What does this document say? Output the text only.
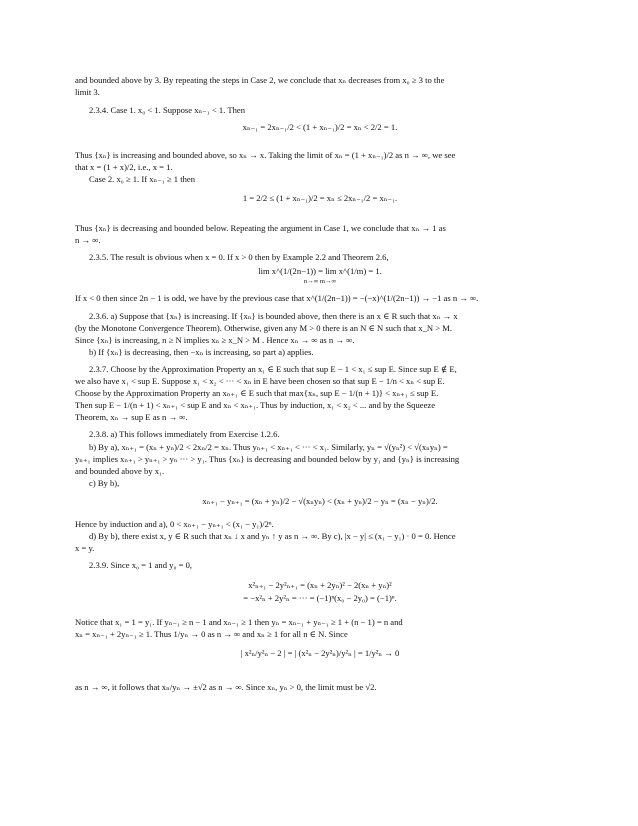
and bounded above by 3. By repeating the steps in Case 2, we conclude that xₙ decreases from x₀ ≥ 3 to the
limit 3.
2.3.4. Case 1. x₀ < 1. Suppose xₙ₋₁ < 1. Then
xₙ₋₁ = 2xₙ₋₁/2 < (1 + xₙ₋₁)/2 = xₙ < 2/2 = 1.
Thus {xₙ} is increasing and bounded above, so xₙ → x. Taking the limit of xₙ = (1 + xₙ₋₁)/2 as n → ∞, we see
that x = (1 + x)/2, i.e., x = 1.
Case 2. x₀ ≥ 1. If xₙ₋₁ ≥ 1 then
1 = 2/2 ≤ (1 + xₙ₋₁)/2 = xₙ ≤ 2xₙ₋₁/2 = xₙ₋₁.
Thus {xₙ} is decreasing and bounded below. Repeating the argument in Case 1, we conclude that xₙ → 1 as
n → ∞.
2.3.5. The result is obvious when x = 0. If x > 0 then by Example 2.2 and Theorem 2.6,
lim x^(1/(2n−1)) = lim x^(1/m) = 1.
n→∞ m→∞
If x < 0 then since 2n − 1 is odd, we have by the previous case that x^(1/(2n−1)) = −(−x)^(1/(2n−1)) → −1 as n → ∞.
2.3.6. a) Suppose that {xₙ} is increasing. If {xₙ} is bounded above, then there is an x ∈ R such that xₙ → x
(by the Monotone Convergence Theorem). Otherwise, given any M > 0 there is an N ∈ N such that x_N > M.
Since {xₙ} is increasing, n ≥ N implies xₙ ≥ x_N > M . Hence xₙ → ∞ as n → ∞.
b) If {xₙ} is decreasing, then −xₙ is increasing, so part a) applies.
2.3.7. Choose by the Approximation Property an x₁ ∈ E such that sup E − 1 < x₁ ≤ sup E. Since sup E ∉ E,
we also have x₁ < sup E. Suppose x₁ < x₂ < ··· < xₙ in E have been chosen so that sup E − 1/n < xₙ < sup E.
Choose by the Approximation Property an xₙ₊₁ ∈ E such that max{xₙ, sup E − 1/(n + 1)} < xₙ₊₁ ≤ sup E.
Then sup E − 1/(n + 1) < xₙ₊₁ < sup E and xₙ < xₙ₊₁. Thus by induction, x₁ < x₂ < ... and by the Squeeze
Theorem, xₙ → sup E as n → ∞.
2.3.8. a) This follows immediately from Exercise 1.2.6.
b) By a), xₙ₊₁ = (xₙ + yₙ)/2 < 2xₙ/2 = xₙ. Thus yₙ₊₁ < xₙ₊₁ < ··· < x₁. Similarly, yₙ = √(yₙ²) < √(xₙyₙ) =
yₙ₊₁ implies xₙ₊₁ > yₙ₊₁ > yₙ ··· > y₁. Thus {xₙ} is decreasing and bounded below by y₁ and {yₙ} is increasing
and bounded above by x₁.
c) By b),
xₙ₊₁ − yₙ₊₁ = (xₙ + yₙ)/2 − √(xₙyₙ) < (xₙ + yₙ)/2 − yₙ = (xₙ − yₙ)/2.
Hence by induction and a), 0 < xₙ₊₁ − yₙ₊₁ < (x₁ − y₁)/2ⁿ.
d) By b), there exist x, y ∈ R such that xₙ ↓ x and yₙ ↑ y as n → ∞. By c), |x − y| ≤ (x₁ − y₁) · 0 = 0. Hence
x = y.
2.3.9. Since x₀ = 1 and y₀ = 0,
x²ₙ₊₁ − 2y²ₙ₊₁ = (xₙ + 2yₙ)² − 2(xₙ + yₙ)²
= −x²ₙ + 2y²ₙ = ··· = (−1)ⁿ(x₀ − 2y₀) = (−1)ⁿ.
Notice that x₁ = 1 = y₁. If yₙ₋₁ ≥ n − 1 and xₙ₋₁ ≥ 1 then yₙ = xₙ₋₁ + yₙ₋₁ ≥ 1 + (n − 1) = n and
xₙ = xₙ₋₁ + 2yₙ₋₁ ≥ 1. Thus 1/yₙ → 0 as n → ∞ and xₙ ≥ 1 for all n ∈ N. Since
| x²ₙ/y²ₙ − 2 | = | (x²ₙ − 2y²ₙ)/y²ₙ | = 1/y²ₙ → 0
as n → ∞, it follows that xₙ/yₙ → ±√2 as n → ∞. Since xₙ, yₙ > 0, the limit must be √2.
